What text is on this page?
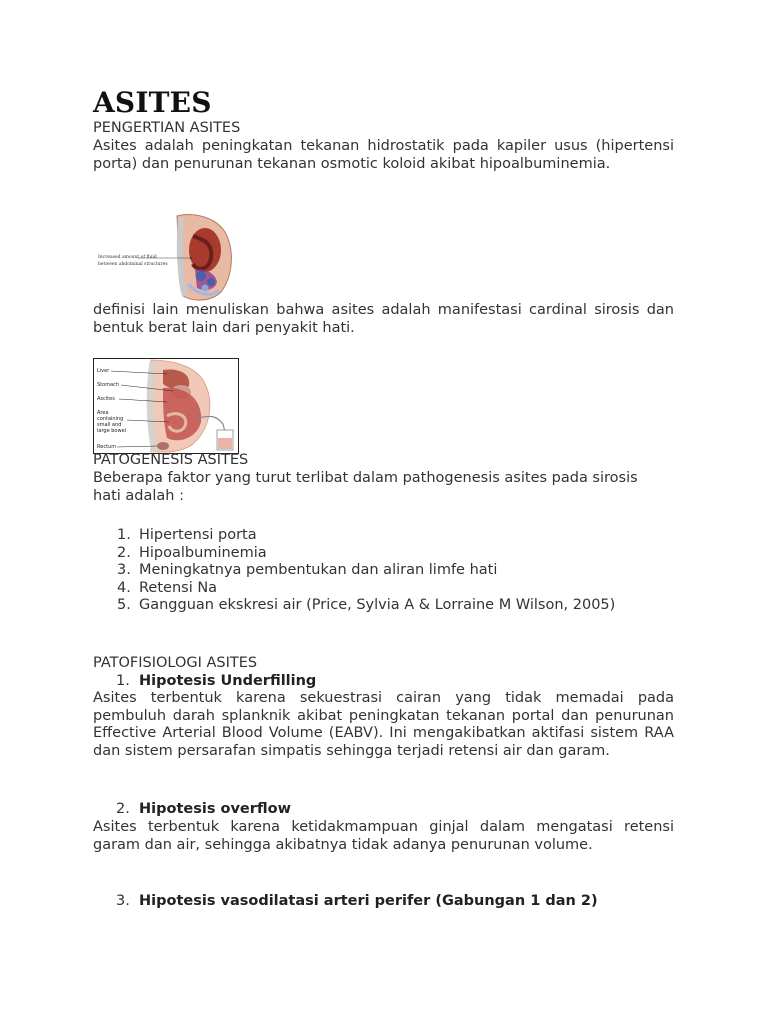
ASITES
PENGERTIAN ASITES
Asites adalah peningkatan tekanan hidrostatik pada kapiler usus (hipertensi porta) dan penurunan tekanan osmotic koloid akibat hipoalbuminemia.
Increased amount of fluid
between abdominal structures
definisi lain menuliskan bahwa asites adalah manifestasi cardinal sirosis dan bentuk berat lain dari penyakit hati.
Liver
Stomach
Ascites
Area
containing
small and
large bowel
Rectum
PATOGENESIS ASITES
Beberapa faktor yang turut terlibat dalam pathogenesis asites pada sirosis hati adalah :
1. Hipertensi porta
2. Hipoalbuminemia
3. Meningkatnya pembentukan dan aliran limfe hati
4. Retensi Na
5. Gangguan ekskresi air (Price, Sylvia A & Lorraine M Wilson, 2005)
PATOFISIOLOGI ASITES
1. Hipotesis Underfilling
Asites terbentuk karena sekuestrasi cairan yang tidak memadai pada pembuluh darah splanknik akibat peningkatan tekanan portal dan penurunan Effective Arterial Blood Volume (EABV). Ini mengakibatkan aktifasi sistem RAA dan sistem persarafan simpatis sehingga terjadi retensi air dan garam.
2. Hipotesis overflow
Asites terbentuk karena ketidakmampuan ginjal dalam mengatasi retensi garam dan air, sehingga akibatnya tidak adanya penurunan volume.
3. Hipotesis vasodilatasi arteri perifer (Gabungan 1 dan 2)
